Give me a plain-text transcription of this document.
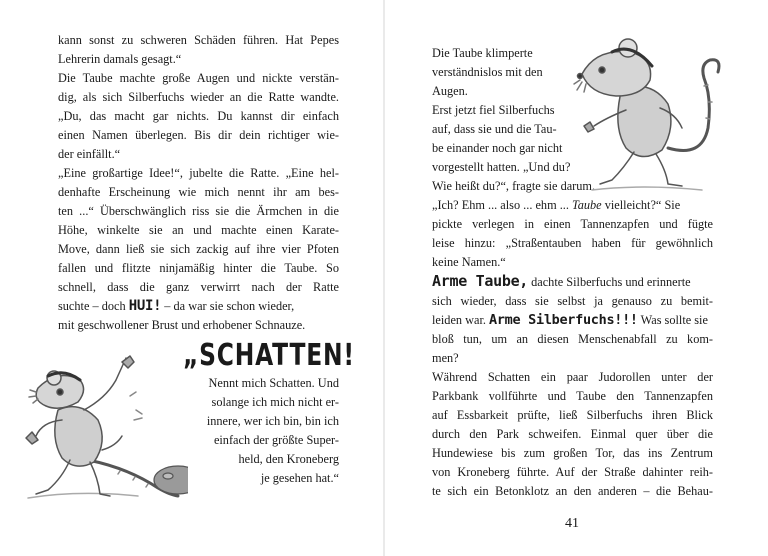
kann sonst zu schweren Schäden führen. Hat Pepes
Lehrerin damals gesagt.“
Die Taube machte große Augen und nickte verstän-
dig, als sich Silberfuchs wieder an die Ratte wandte.
„Du, das macht gar nichts. Du kannst dir einfach
einen Namen überlegen. Bis dir dein richtiger wie-
der einfällt.“
„Eine großartige Idee!“, jubelte die Ratte. „Eine hel-
denhafte Erscheinung wie mich nennt ihr am bes-
ten ...“ Überschwänglich riss sie die Ärmchen in die
Höhe, winkelte sie an und machte einen Karate-
Move, dann ließ sie sich zackig auf ihre vier Pfoten
fallen und flitzte ninjamäßig hinter die Taube. So
schnell, dass die ganz verwirrt nach der Ratte
suchte – doch HUI! – da war sie schon wieder,
mit geschwollener Brust und erhobener Schnauze.
„SCHATTEN!
Nennt mich Schatten. Und
solange ich mich nicht er-
innere, wer ich bin, bin ich
einfach der größte Super-
held, den Kroneberg
je gesehen hat.“
Die Taube klimperte
verständnislos mit den
Augen.
Erst jetzt fiel Silberfuchs
auf, dass sie und die Tau-
be einander noch gar nicht
vorgestellt hatten. „Und du?
Wie heißt du?“, fragte sie darum.
„Ich? Ehm ... also ... ehm ... Taube vielleicht?“ Sie
pickte verlegen in einen Tannenzapfen und fügte
leise hinzu: „Straßentauben haben für gewöhnlich
keine Namen.“
Arme Taube, dachte Silberfuchs und erinnerte
sich wieder, dass sie selbst ja genauso zu bemit-
leiden war. Arme Silberfuchs!!! Was sollte sie
bloß tun, um an diesen Menschenabfall zu kom-
men?
Während Schatten ein paar Judorollen unter der
Parkbank vollführte und Taube den Tannenzapfen
auf Essbarkeit prüfte, ließ Silberfuchs ihren Blick
durch den Park schweifen. Einmal quer über die
Hundewiese bis zum großen Tor, das ins Zentrum
von Kroneberg führte. Auf der Straße dahinter reih-
te sich ein Betonklotz an den anderen – die Behau-
41
